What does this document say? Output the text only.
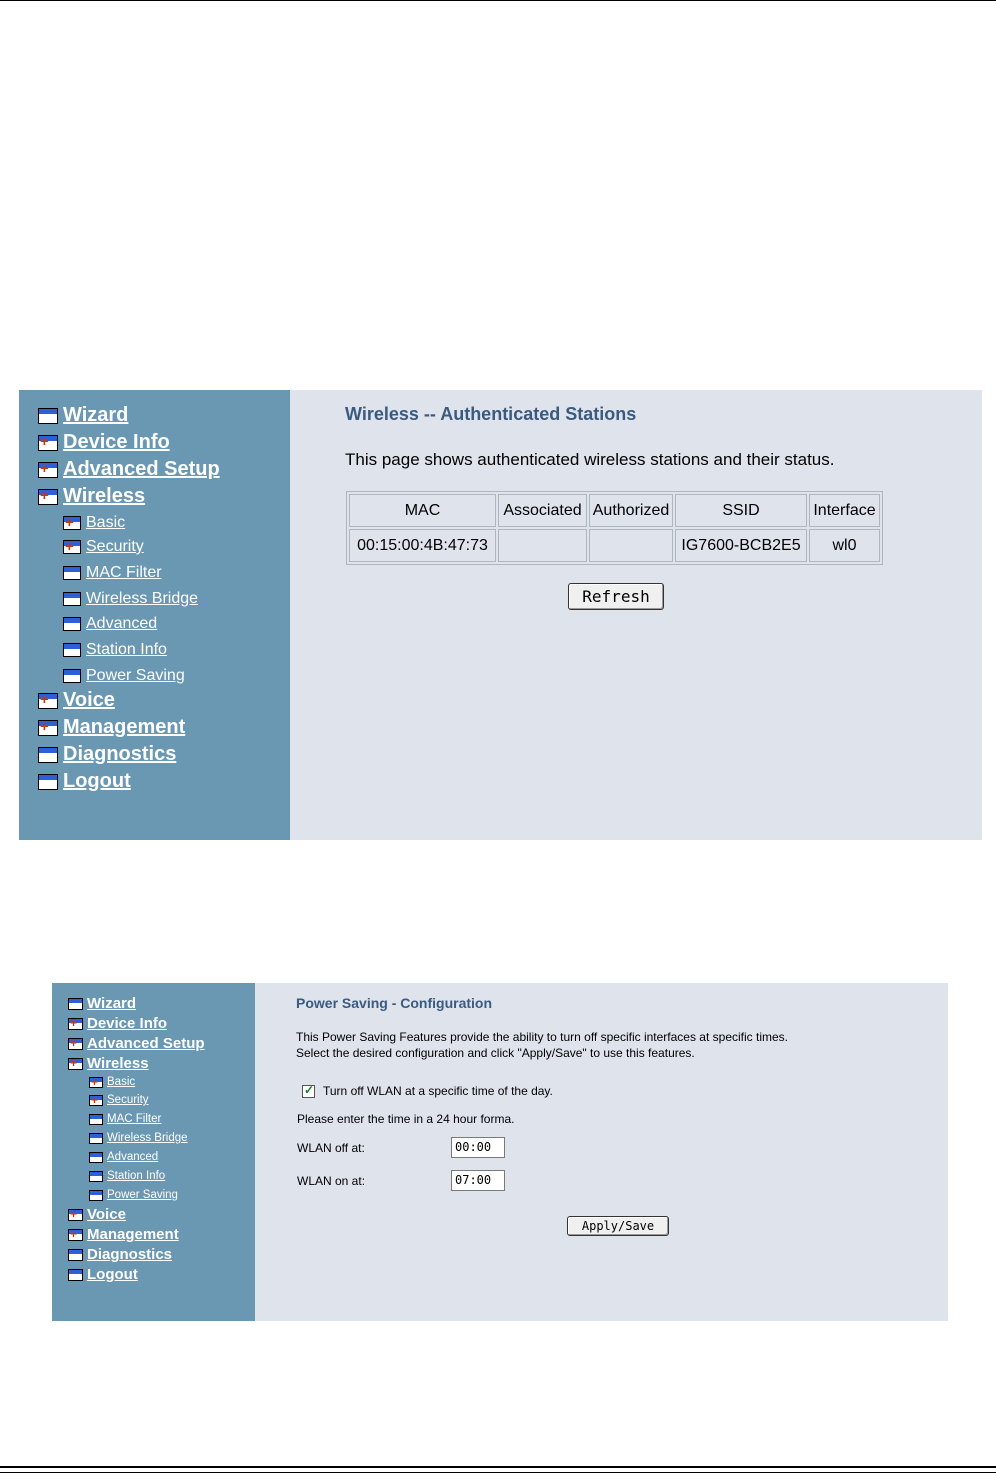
Wizard
+
Device Info
+
Advanced Setup
+
Wireless
+
Basic
+
Security
MAC Filter
Wireless Bridge
Advanced
Station Info
Power Saving
+
Voice
+
Management
Diagnostics
Logout
Wireless -- Authenticated Stations
This page shows authenticated wireless stations and their status.
MAC	Associated	Authorized	SSID	Interface
00:15:00:4B:47:73			IG7600-BCB2E5	wl0
Refresh
Wizard
+
Device Info
+
Advanced Setup
+
Wireless
+
Basic
+
Security
MAC Filter
Wireless Bridge
Advanced
Station Info
Power Saving
+
Voice
+
Management
Diagnostics
Logout
Power Saving - Configuration
This Power Saving Features provide the ability to turn off specific interfaces at specific times.
Select the desired configuration and click "Apply/Save" to use this features.
✓
Turn off WLAN at a specific time of the day.
Please enter the time in a 24 hour forma.
WLAN off at:	00:00
WLAN on at:	07:00
Apply/Save
